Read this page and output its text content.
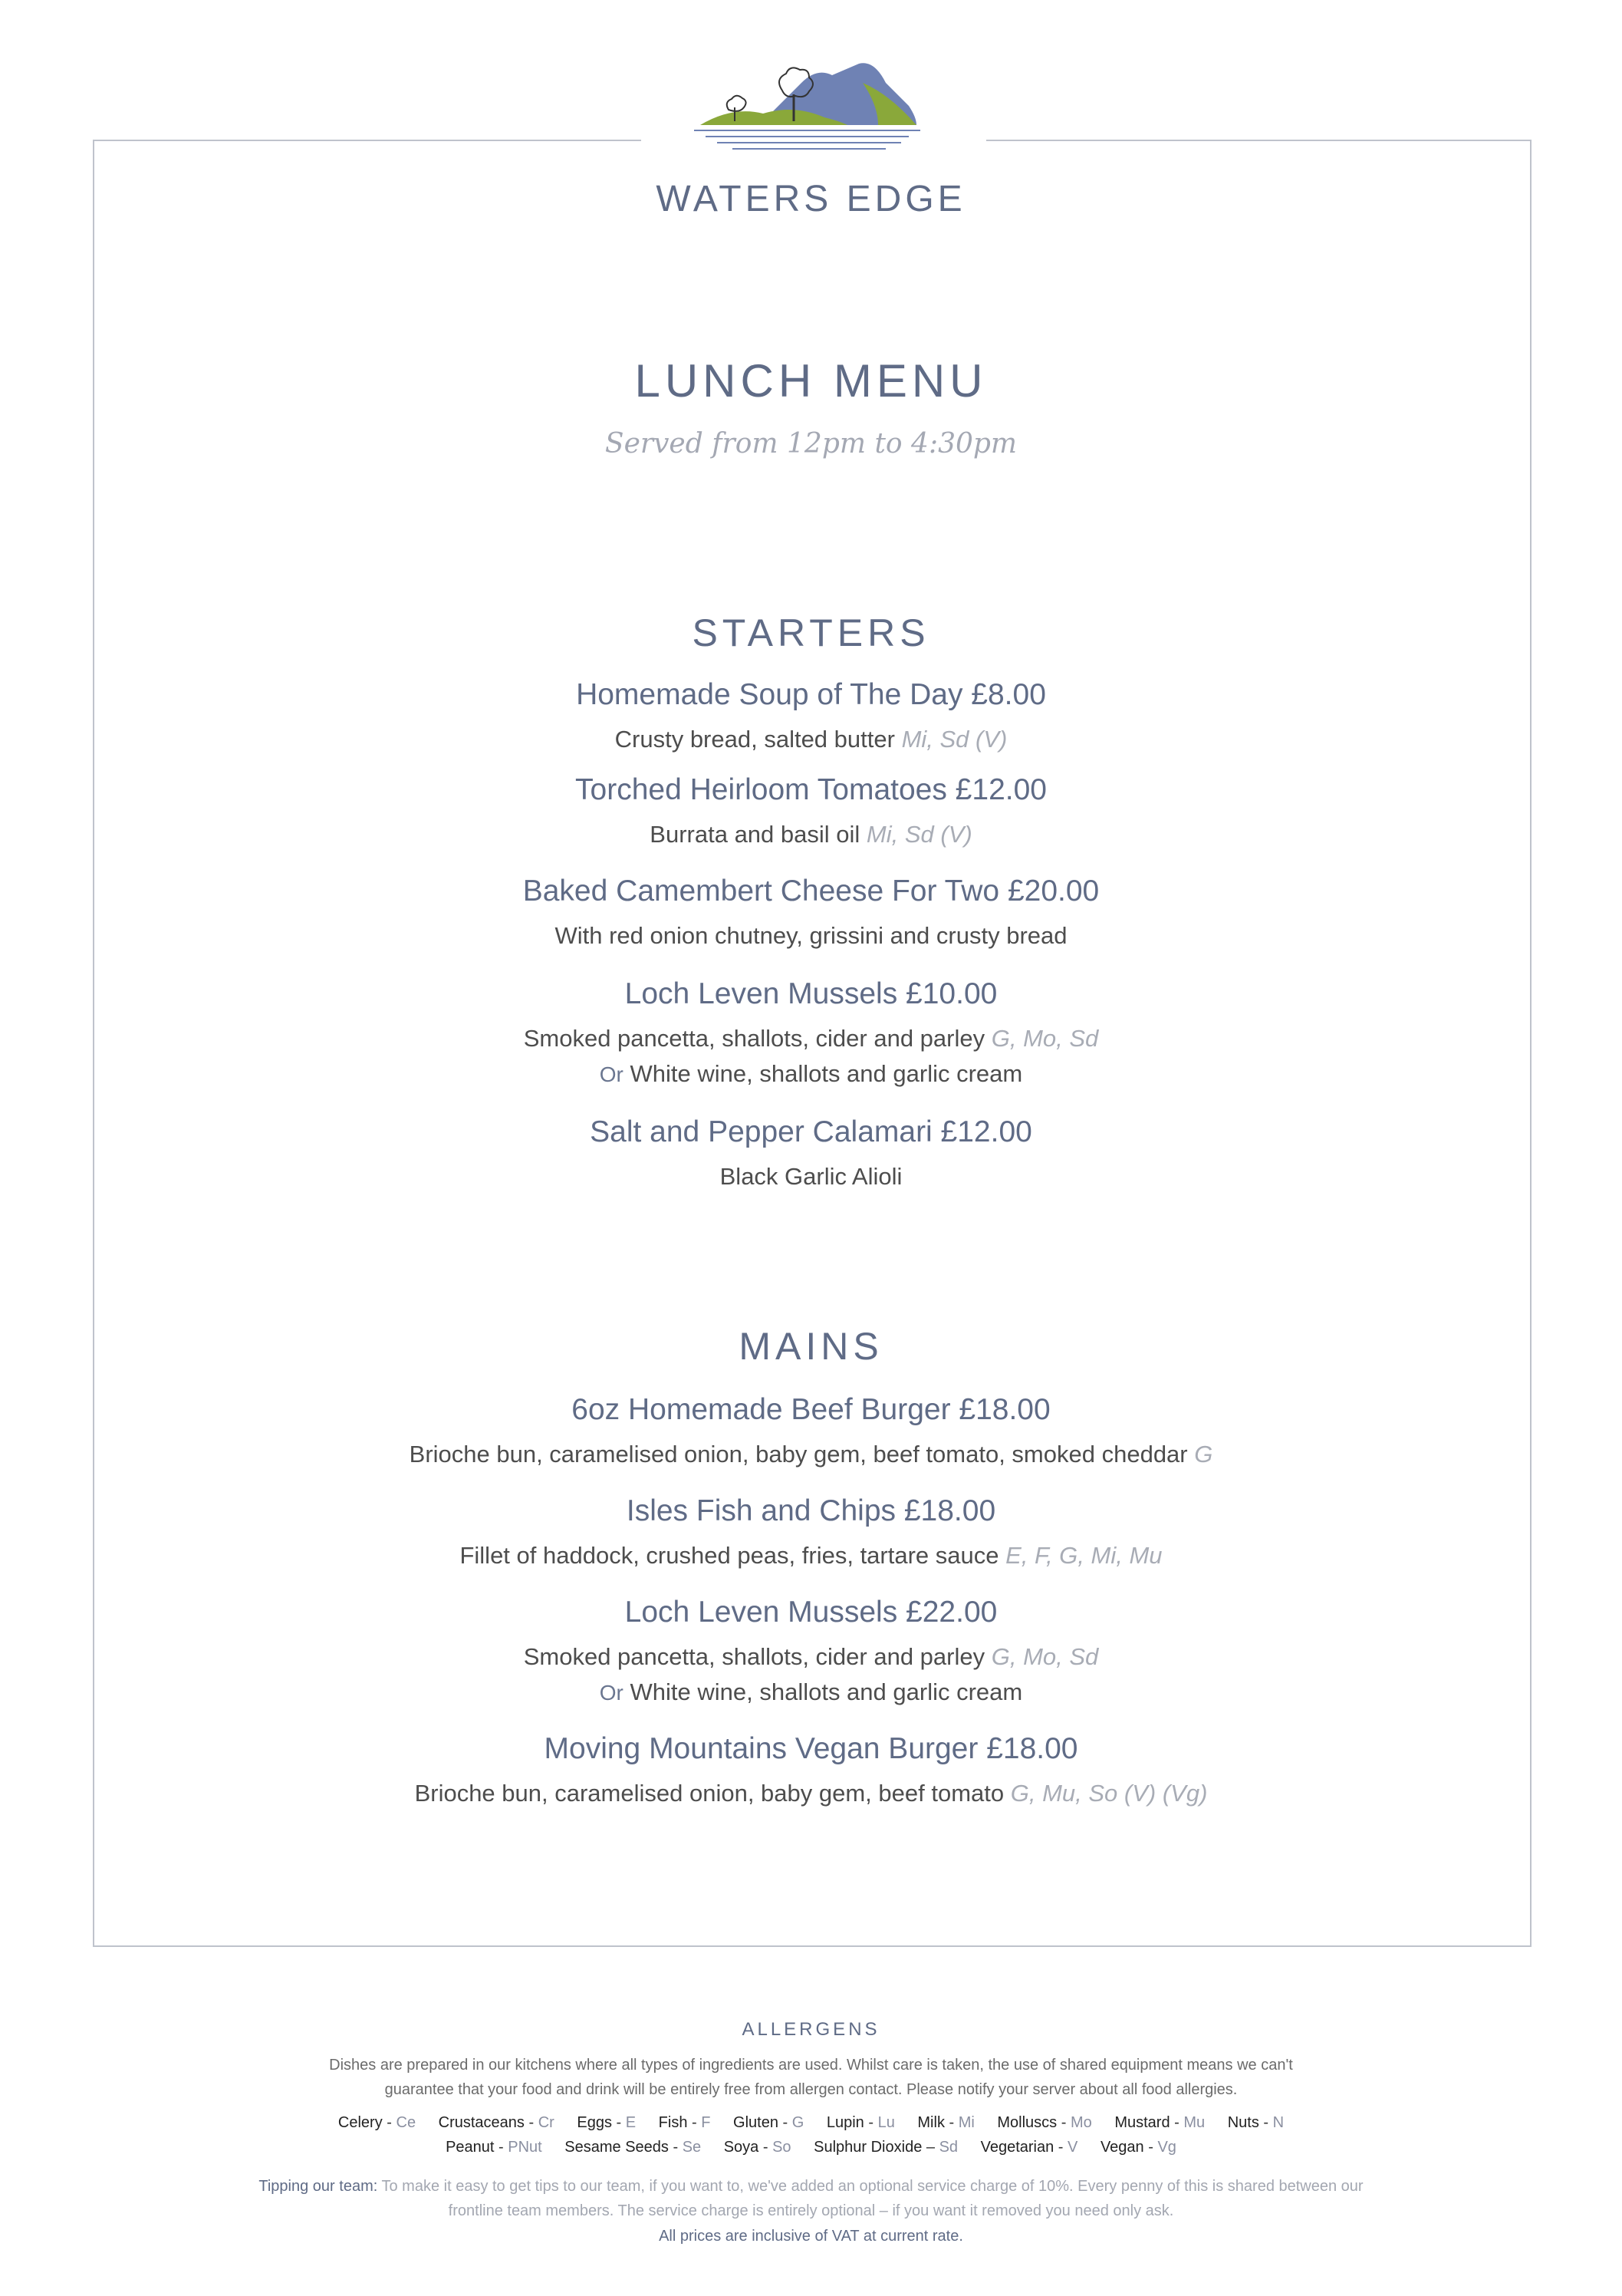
WATERS EDGE
LUNCH MENU
Served from 12pm to 4:30pm
STARTERS
Homemade Soup of The Day £8.00
Crusty bread, salted butter Mi, Sd (V)
Torched Heirloom Tomatoes £12.00
Burrata and basil oil Mi, Sd (V)
Baked Camembert Cheese For Two £20.00
With red onion chutney, grissini and crusty bread
Loch Leven Mussels £10.00
Smoked pancetta, shallots, cider and parley G, Mo, Sd
Or White wine, shallots and garlic cream
Salt and Pepper Calamari £12.00
Black Garlic Alioli
MAINS
6oz Homemade Beef Burger £18.00
Brioche bun, caramelised onion, baby gem, beef tomato, smoked cheddar G
Isles Fish and Chips £18.00
Fillet of haddock, crushed peas, fries, tartare sauce E, F, G, Mi, Mu
Loch Leven Mussels £22.00
Smoked pancetta, shallots, cider and parley G, Mo, Sd
Or White wine, shallots and garlic cream
Moving Mountains Vegan Burger £18.00
Brioche bun, caramelised onion, baby gem, beef tomato G, Mu, So (V) (Vg)
ALLERGENS
Dishes are prepared in our kitchens where all types of ingredients are used. Whilst care is taken, the use of shared equipment means we can't
guarantee that your food and drink will be entirely free from allergen contact. Please notify your server about all food allergies.
Celery - Ce Crustaceans - Cr Eggs - E Fish - F Gluten - G Lupin - Lu Milk - Mi Molluscs - Mo Mustard - Mu Nuts - N
Peanut - PNut Sesame Seeds - Se Soya - So Sulphur Dioxide – Sd Vegetarian - V Vegan - Vg
Tipping our team: To make it easy to get tips to our team, if you want to, we've added an optional service charge of 10%. Every penny of this is shared between our
frontline team members. The service charge is entirely optional – if you want it removed you need only ask.
All prices are inclusive of VAT at current rate.
